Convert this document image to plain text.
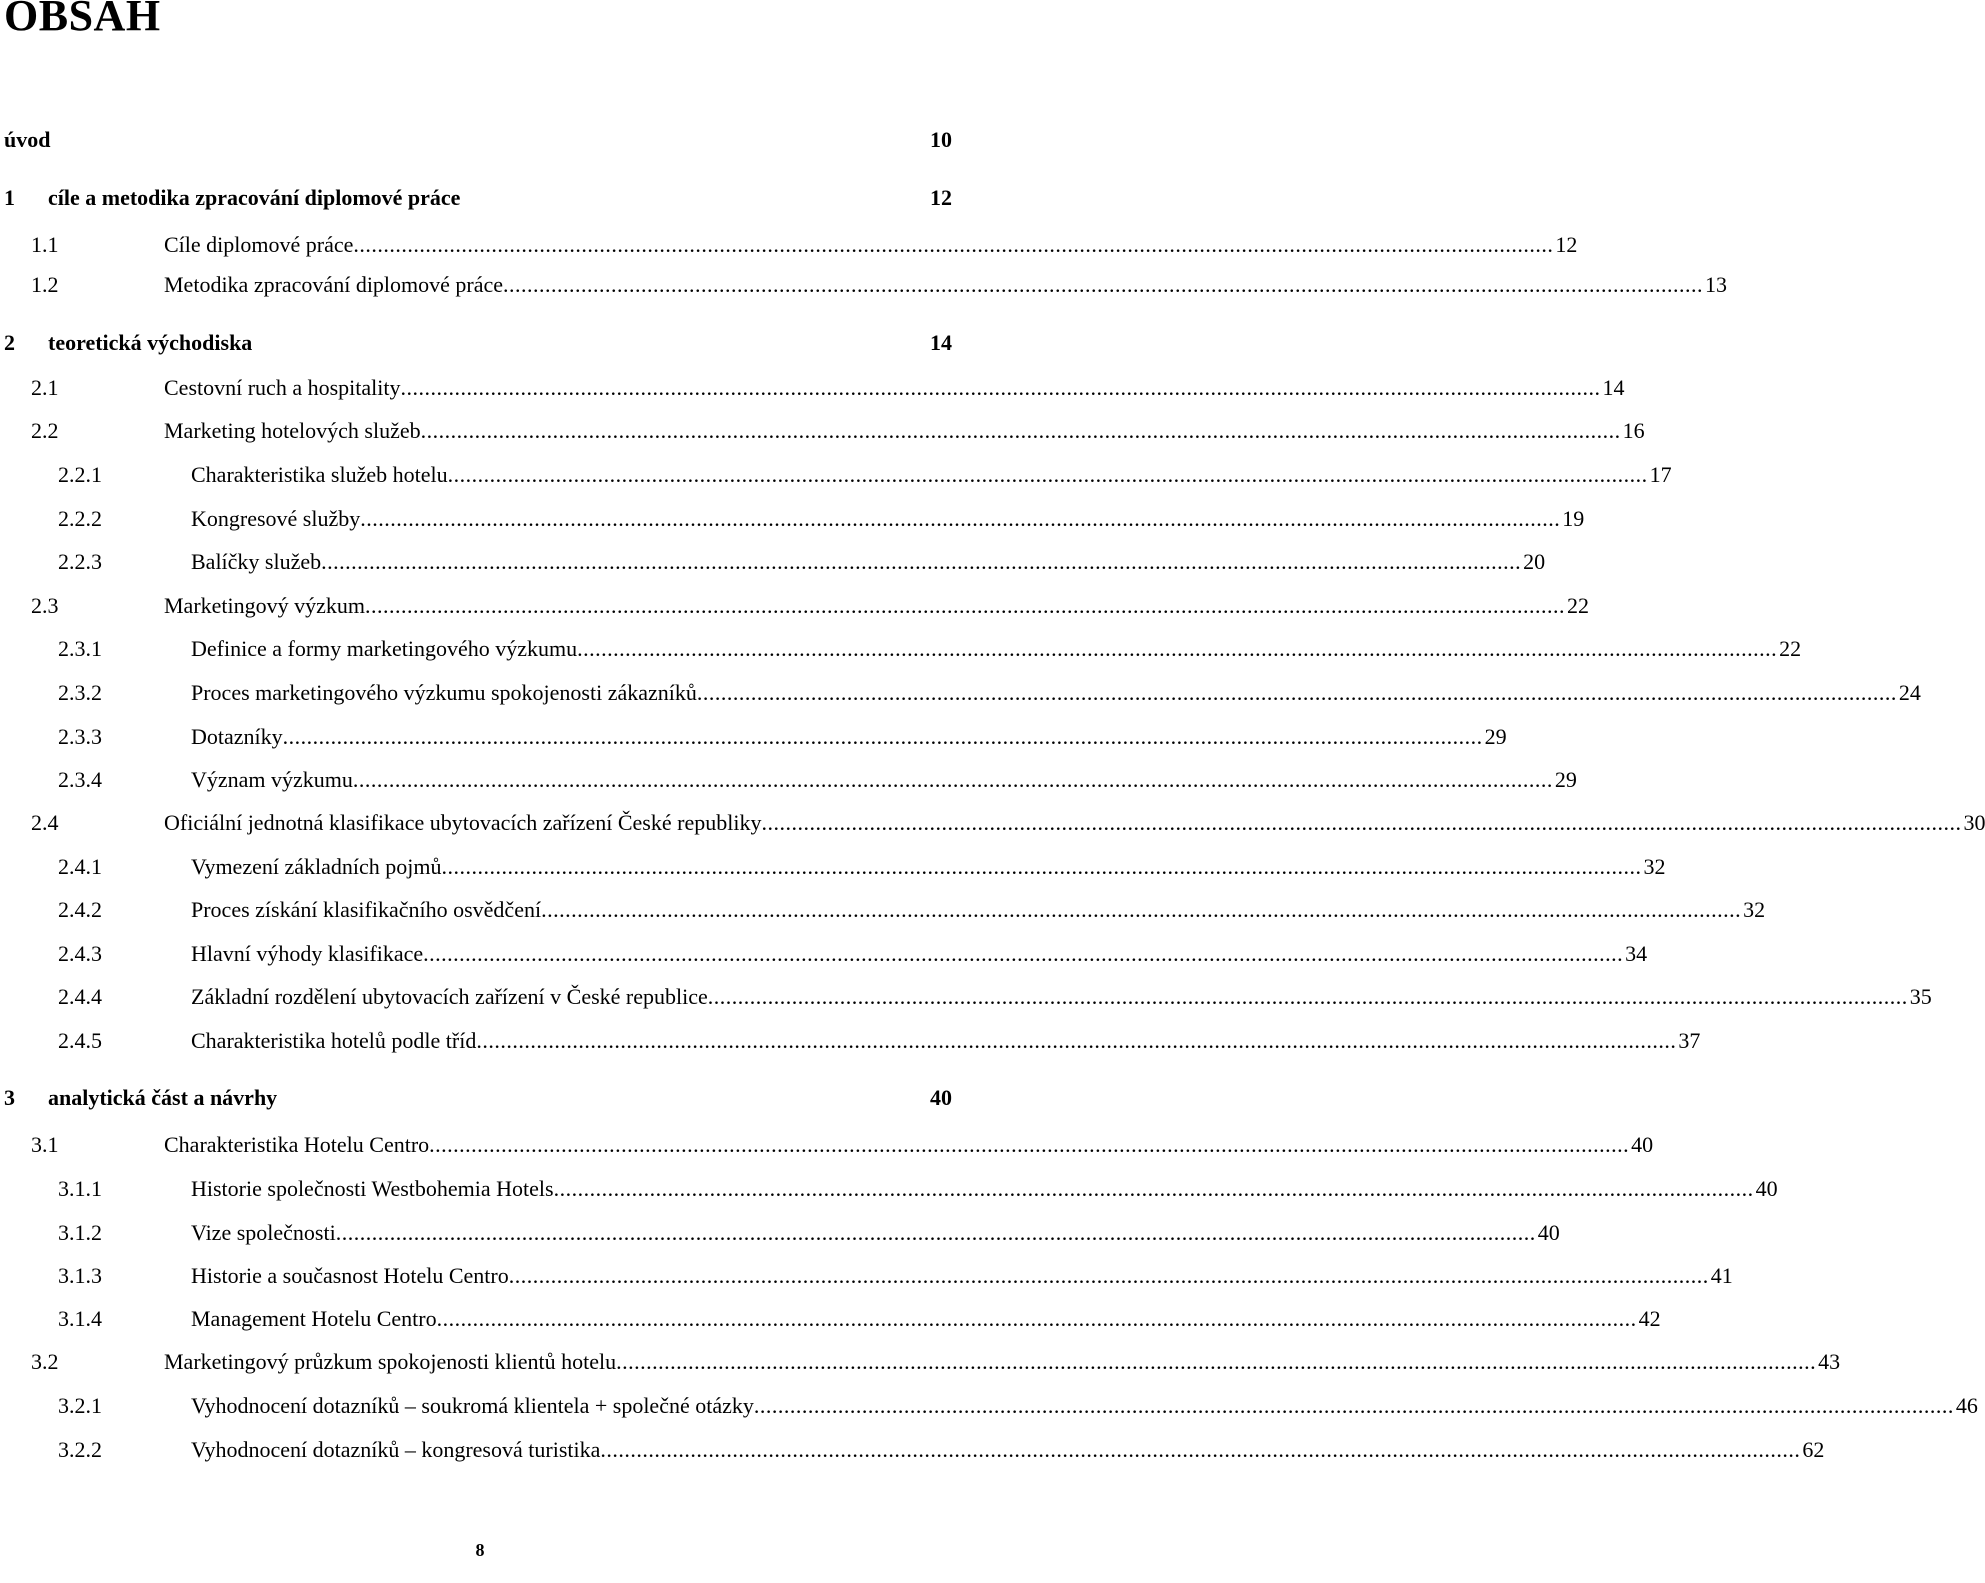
OBSAH
úvod	10
1 cíle a metodika zpracování diplomové práce	12
1.1	Cíle diplomové práce ........................................................................................................................................................................................................ 12
1.2	Metodika zpracování diplomové práce ........................................................................................................................................................................................................ 13
2 teoretická východiska	14
2.1	Cestovní ruch a hospitality ........................................................................................................................................................................................................ 14
2.2	Marketing hotelových služeb ........................................................................................................................................................................................................ 16
2.2.1	Charakteristika služeb hotelu ........................................................................................................................................................................................................ 17
2.2.2	Kongresové služby ........................................................................................................................................................................................................ 19
2.2.3	Balíčky služeb ........................................................................................................................................................................................................ 20
2.3	Marketingový výzkum ........................................................................................................................................................................................................ 22
2.3.1	Definice a formy marketingového výzkumu ........................................................................................................................................................................................................ 22
2.3.2	Proces marketingového výzkumu spokojenosti zákazníků ........................................................................................................................................................................................................ 24
2.3.3	Dotazníky ........................................................................................................................................................................................................ 29
2.3.4	Význam výzkumu ........................................................................................................................................................................................................ 29
2.4	Oficiální jednotná klasifikace ubytovacích zařízení České republiky ........................................................................................................................................................................................................ 30
2.4.1	Vymezení základních pojmů ........................................................................................................................................................................................................ 32
2.4.2	Proces získání klasifikačního osvědčení ........................................................................................................................................................................................................ 32
2.4.3	Hlavní výhody klasifikace ........................................................................................................................................................................................................ 34
2.4.4	Základní rozdělení ubytovacích zařízení v České republice ........................................................................................................................................................................................................ 35
2.4.5	Charakteristika hotelů podle tříd ........................................................................................................................................................................................................ 37
3 analytická část a návrhy	40
3.1	Charakteristika Hotelu Centro ........................................................................................................................................................................................................ 40
3.1.1	Historie společnosti Westbohemia Hotels ........................................................................................................................................................................................................ 40
3.1.2	Vize společnosti ........................................................................................................................................................................................................ 40
3.1.3	Historie a současnost Hotelu Centro ........................................................................................................................................................................................................ 41
3.1.4	Management Hotelu Centro ........................................................................................................................................................................................................ 42
3.2	Marketingový průzkum spokojenosti klientů hotelu ........................................................................................................................................................................................................ 43
3.2.1	Vyhodnocení dotazníků – soukromá klientela + společné otázky ........................................................................................................................................................................................................ 46
3.2.2	Vyhodnocení dotazníků – kongresová turistika ........................................................................................................................................................................................................ 62
8
